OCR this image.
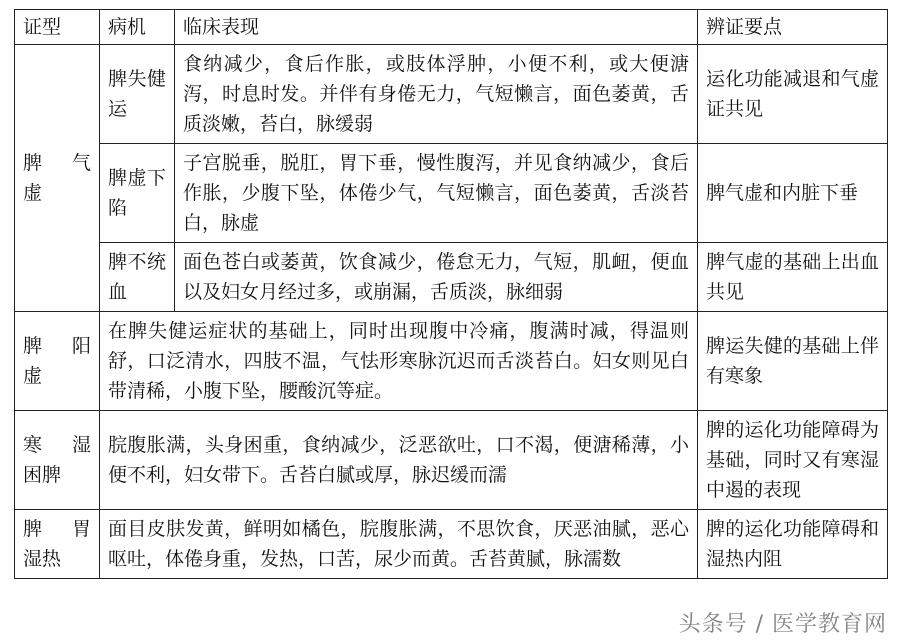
证型	病机	临床表现	辨证要点
脾　气虚	脾失健运	食纳减少，食后作胀，或肢体浮肿，小便不利，或大便溏泻，时息时发。并伴有身倦无力，气短懒言，面色萎黄，舌质淡嫩，苔白，脉缓弱	运化功能减退和气虚证共见
	脾虚下陷	子宫脱垂，脱肛，胃下垂，慢性腹泻，并见食纳减少，食后作胀，少腹下坠，体倦少气，气短懒言，面色萎黄，舌淡苔白，脉虚	脾气虚和内脏下垂
	脾不统血	面色苍白或萎黄，饮食减少，倦怠无力，气短，肌衄，便血以及妇女月经过多，或崩漏，舌质淡，脉细弱	脾气虚的基础上出血共见
脾　阳虚	在脾失健运症状的基础上，同时出现腹中冷痛，腹满时减，得温则舒，口泛清水，四肢不温，气怯形寒脉沉迟而舌淡苔白。妇女则见白带清稀，小腹下坠，腰酸沉等症。		脾运失健的基础上伴有寒象
寒　湿困脾	脘腹胀满，头身困重，食纳减少，泛恶欲吐，口不渴，便溏稀薄，小便不利，妇女带下。舌苔白腻或厚，脉迟缓而濡		脾的运化功能障碍为基础，同时又有寒湿中遏的表现
脾　胃湿热	面目皮肤发黄，鲜明如橘色，脘腹胀满，不思饮食，厌恶油腻，恶心呕吐，体倦身重，发热，口苦，尿少而黄。舌苔黄腻，脉濡数		脾的运化功能障碍和湿热内阻
头条号 / 医学教育网
